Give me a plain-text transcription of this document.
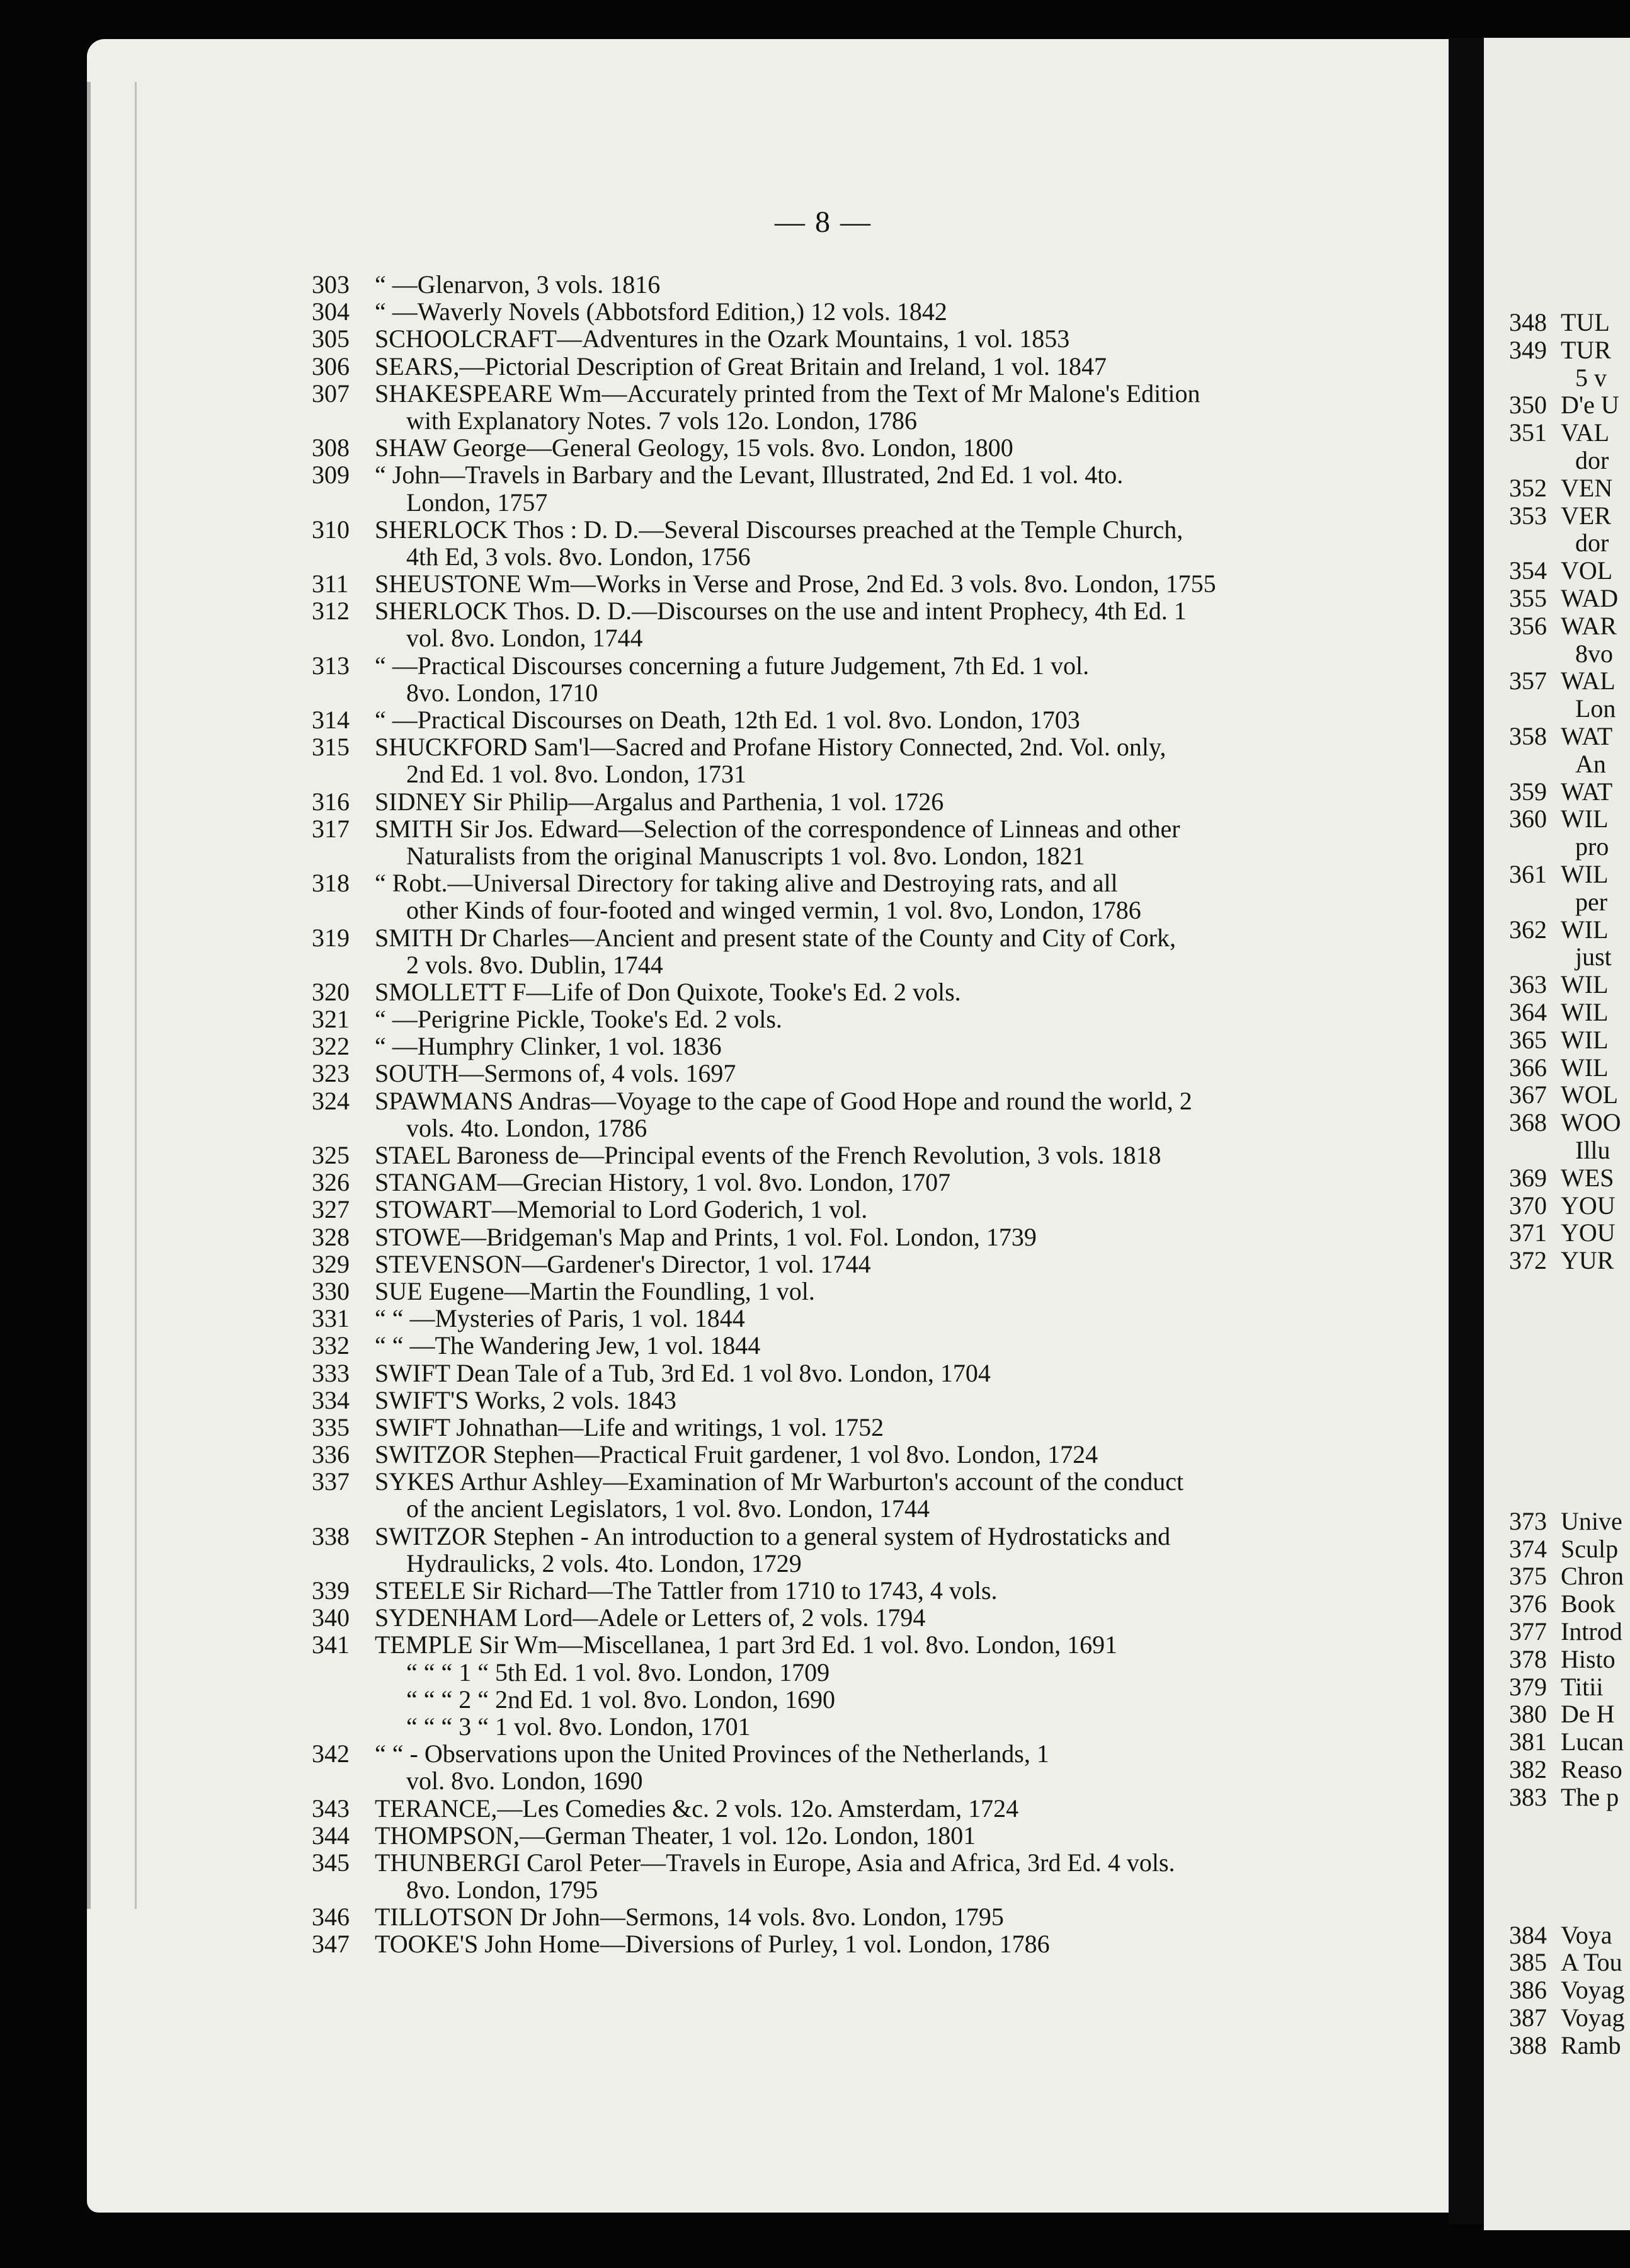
348 TUL
349 TUR
5 v
350 D'e U
351 VAL
dor
352 VEN
353 VER
dor
354 VOL
355 WAD
356 WAR
8vo
357 WAL
Lon
358 WAT
An
359 WAT
360 WIL
pro
361 WIL
per
362 WIL
just
363 WIL
364 WIL
365 WIL
366 WIL
367 WOL
368 WOO
Illu
369 WES
370 YOU
371 YOU
372 YUR
373 Unive
374 Sculp
375 Chron
376 Book
377 Introd
378 Histo
379 Titii
380 De H
381 Lucan
382 Reaso
383 The p
384 Voya
385 A Tou
386 Voyag
387 Voyag
388 Ramb
— 8 —
303	“ —Glenarvon, 3 vols. 1816
304	“ —Waverly Novels (Abbotsford Edition,) 12 vols. 1842
305	SCHOOLCRAFT—Adventures in the Ozark Mountains, 1 vol. 1853
306	SEARS,—Pictorial Description of Great Britain and Ireland, 1 vol. 1847
307	SHAKESPEARE Wm—Accurately printed from the Text of Mr Malone's Edition
with Explanatory Notes. 7 vols 12o. London, 1786
308	SHAW George—General Geology, 15 vols. 8vo. London, 1800
309	“ John—Travels in Barbary and the Levant, Illustrated, 2nd Ed. 1 vol. 4to.
London, 1757
310	SHERLOCK Thos : D. D.—Several Discourses preached at the Temple Church,
4th Ed, 3 vols. 8vo. London, 1756
311	SHEUSTONE Wm—Works in Verse and Prose, 2nd Ed. 3 vols. 8vo. London, 1755
312	SHERLOCK Thos. D. D.—Discourses on the use and intent Prophecy, 4th Ed. 1
vol. 8vo. London, 1744
313	“ —Practical Discourses concerning a future Judgement, 7th Ed. 1 vol.
8vo. London, 1710
314	“ —Practical Discourses on Death, 12th Ed. 1 vol. 8vo. London, 1703
315	SHUCKFORD Sam'l—Sacred and Profane History Connected, 2nd. Vol. only,
2nd Ed. 1 vol. 8vo. London, 1731
316	SIDNEY Sir Philip—Argalus and Parthenia, 1 vol. 1726
317	SMITH Sir Jos. Edward—Selection of the correspondence of Linneas and other
Naturalists from the original Manuscripts 1 vol. 8vo. London, 1821
318	“ Robt.—Universal Directory for taking alive and Destroying rats, and all
other Kinds of four-footed and winged vermin, 1 vol. 8vo, London, 1786
319	SMITH Dr Charles—Ancient and present state of the County and City of Cork,
2 vols. 8vo. Dublin, 1744
320	SMOLLETT F—Life of Don Quixote, Tooke's Ed. 2 vols.
321	“ —Perigrine Pickle, Tooke's Ed. 2 vols.
322	“ —Humphry Clinker, 1 vol. 1836
323	SOUTH—Sermons of, 4 vols. 1697
324	SPAWMANS Andras—Voyage to the cape of Good Hope and round the world, 2
vols. 4to. London, 1786
325	STAEL Baroness de—Principal events of the French Revolution, 3 vols. 1818
326	STANGAM—Grecian History, 1 vol. 8vo. London, 1707
327	STOWART—Memorial to Lord Goderich, 1 vol.
328	STOWE—Bridgeman's Map and Prints, 1 vol. Fol. London, 1739
329	STEVENSON—Gardener's Director, 1 vol. 1744
330	SUE Eugene—Martin the Foundling, 1 vol.
331	“ “ —Mysteries of Paris, 1 vol. 1844
332	“ “ —The Wandering Jew, 1 vol. 1844
333	SWIFT Dean Tale of a Tub, 3rd Ed. 1 vol 8vo. London, 1704
334	SWIFT'S Works, 2 vols. 1843
335	SWIFT Johnathan—Life and writings, 1 vol. 1752
336	SWITZOR Stephen—Practical Fruit gardener, 1 vol 8vo. London, 1724
337	SYKES Arthur Ashley—Examination of Mr Warburton's account of the conduct
of the ancient Legislators, 1 vol. 8vo. London, 1744
338	SWITZOR Stephen - An introduction to a general system of Hydrostaticks and
Hydraulicks, 2 vols. 4to. London, 1729
339	STEELE Sir Richard—The Tattler from 1710 to 1743, 4 vols.
340	SYDENHAM Lord—Adele or Letters of, 2 vols. 1794
341	TEMPLE Sir Wm—Miscellanea, 1 part 3rd Ed. 1 vol. 8vo. London, 1691
“ “ “ 1 “ 5th Ed. 1 vol. 8vo. London, 1709
“ “ “ 2 “ 2nd Ed. 1 vol. 8vo. London, 1690
“ “ “ 3 “ 1 vol. 8vo. London, 1701
342	“ “ - Observations upon the United Provinces of the Netherlands, 1
vol. 8vo. London, 1690
343	TERANCE,—Les Comedies &c. 2 vols. 12o. Amsterdam, 1724
344	THOMPSON,—German Theater, 1 vol. 12o. London, 1801
345	THUNBERGI Carol Peter—Travels in Europe, Asia and Africa, 3rd Ed. 4 vols.
8vo. London, 1795
346	TILLOTSON Dr John—Sermons, 14 vols. 8vo. London, 1795
347	TOOKE'S John Home—Diversions of Purley, 1 vol. London, 1786
